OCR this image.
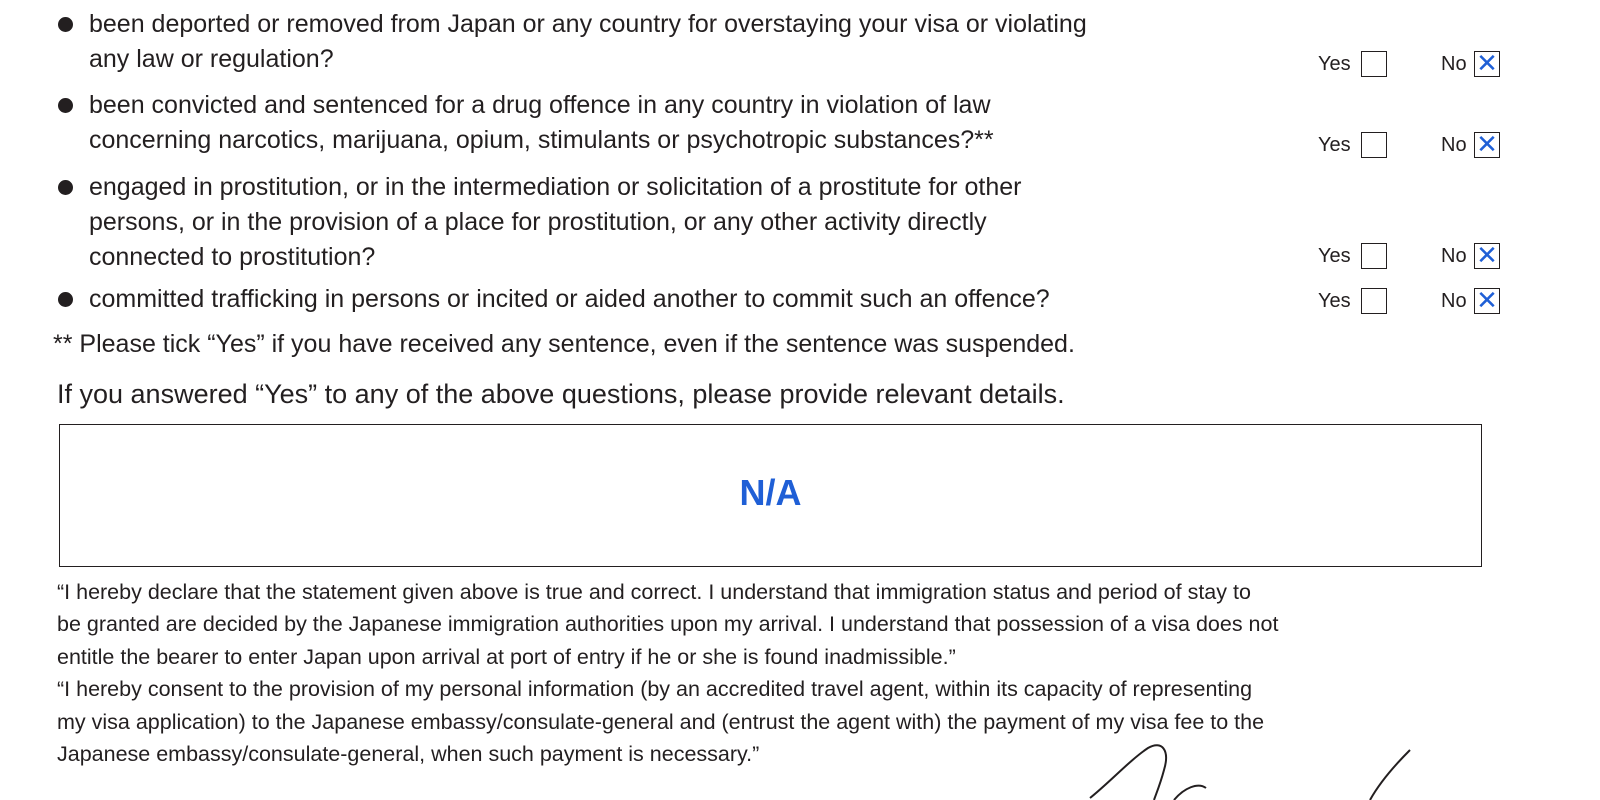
been deported or removed from Japan or any country for overstaying your visa or violating
any law or regulation?	Yes	No ✕
been convicted and sentenced for a drug offence in any country in violation of law
concerning narcotics, marijuana, opium, stimulants or psychotropic substances?**	Yes	No ✕
engaged in prostitution, or in the intermediation or solicitation of a prostitute for other
persons, or in the provision of a place for prostitution, or any other activity directly
connected to prostitution?	Yes	No ✕
committed trafficking in persons or incited or aided another to commit such an offence?	Yes	No ✕
** Please tick “Yes” if you have received any sentence, even if the sentence was suspended.
If you answered “Yes” to any of the above questions, please provide relevant details.
N/A
“I hereby declare that the statement given above is true and correct. I understand that immigration status and period of stay to
be granted are decided by the Japanese immigration authorities upon my arrival. I understand that possession of a visa does not
entitle the bearer to enter Japan upon arrival at port of entry if he or she is found inadmissible.”
“I hereby consent to the provision of my personal information (by an accredited travel agent, within its capacity of representing
my visa application) to the Japanese embassy/consulate-general and (entrust the agent with) the payment of my visa fee to the
Japanese embassy/consulate-general, when such payment is necessary.”
